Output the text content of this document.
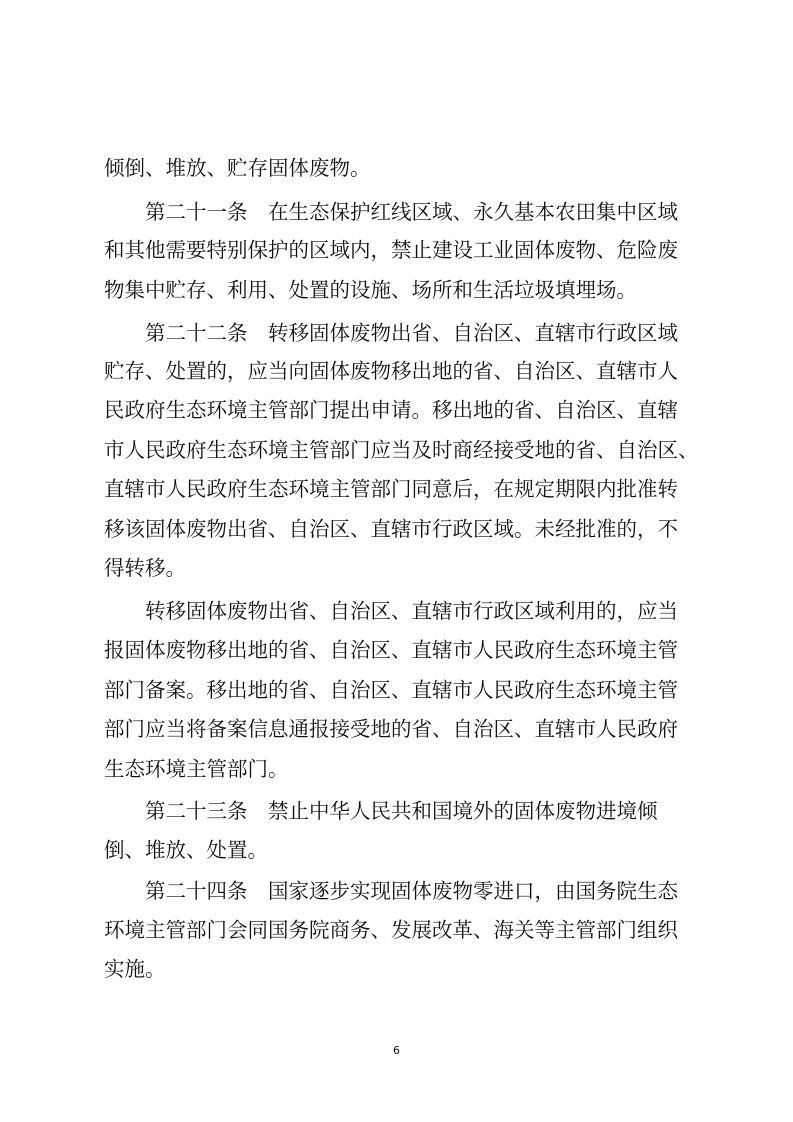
倾倒、堆放、贮存固体废物。
第二十一条　在生态保护红线区域、永久基本农田集中区域
和其他需要特别保护的区域内，禁止建设工业固体废物、危险废
物集中贮存、利用、处置的设施、场所和生活垃圾填埋场。
第二十二条　转移固体废物出省、自治区、直辖市行政区域
贮存、处置的，应当向固体废物移出地的省、自治区、直辖市人
民政府生态环境主管部门提出申请。移出地的省、自治区、直辖
市人民政府生态环境主管部门应当及时商经接受地的省、自治区、
直辖市人民政府生态环境主管部门同意后，在规定期限内批准转
移该固体废物出省、自治区、直辖市行政区域。未经批准的，不
得转移。
转移固体废物出省、自治区、直辖市行政区域利用的，应当
报固体废物移出地的省、自治区、直辖市人民政府生态环境主管
部门备案。移出地的省、自治区、直辖市人民政府生态环境主管
部门应当将备案信息通报接受地的省、自治区、直辖市人民政府
生态环境主管部门。
第二十三条　禁止中华人民共和国境外的固体废物进境倾
倒、堆放、处置。
第二十四条　国家逐步实现固体废物零进口，由国务院生态
环境主管部门会同国务院商务、发展改革、海关等主管部门组织
实施。
6
